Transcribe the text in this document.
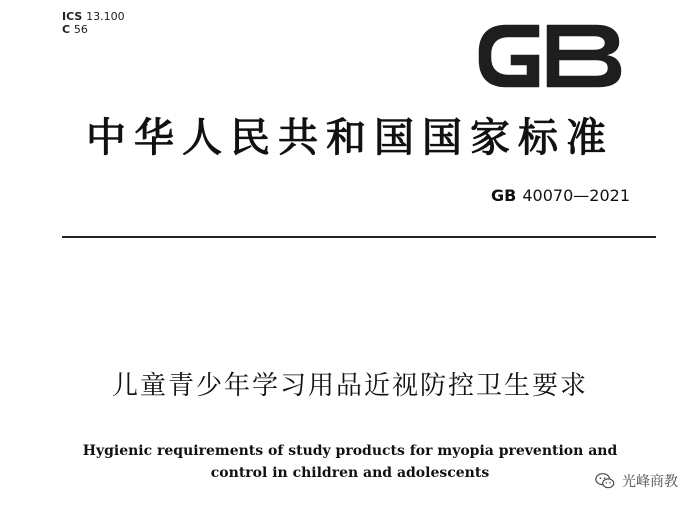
ICS 13.100
C 56
中华人民共和国国家标准
GB 40070—2021
儿童青少年学习用品近视防控卫生要求
Hygienic requirements of study products for myopia prevention and
control in children and adolescents
光峰商教
